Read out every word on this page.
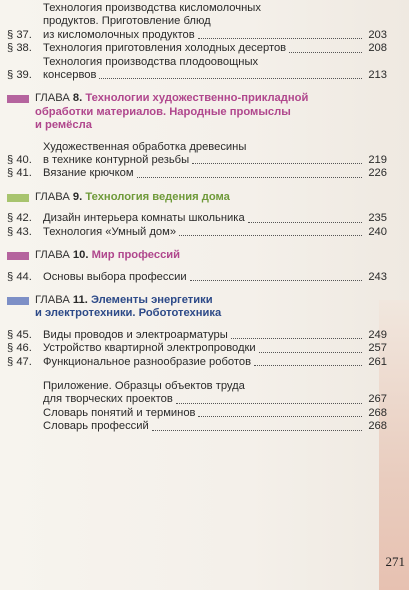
§ 37.
Технология производства кисломолочных
продуктов. Приготовление блюд
из кисломолочных продуктов	203
§ 38. Технология приготовления холодных десертов	208
§ 39.
Технология производства плодоовощных
консервов	213
ГЛАВА 8. Технологии художественно-прикладной
обработки материалов. Народные промыслы
и ремёсла
§ 40.
Художественная обработка древесины
в технике контурной резьбы	219
§ 41. Вязание крючком	226
ГЛАВА 9. Технология ведения дома
§ 42. Дизайн интерьера комнаты школьника	235
§ 43. Технология «Умный дом»	240
ГЛАВА 10. Мир профессий
§ 44. Основы выбора профессии	243
ГЛАВА 11. Элементы энергетики
и электротехники. Робототехника
§ 45. Виды проводов и электроарматуры	249
§ 46. Устройство квартирной электропроводки	257
§ 47. Функциональное разнообразие роботов	261
Приложение. Образцы объектов труда
для творческих проектов	267
Словарь понятий и терминов	268
Словарь профессий	268
271
